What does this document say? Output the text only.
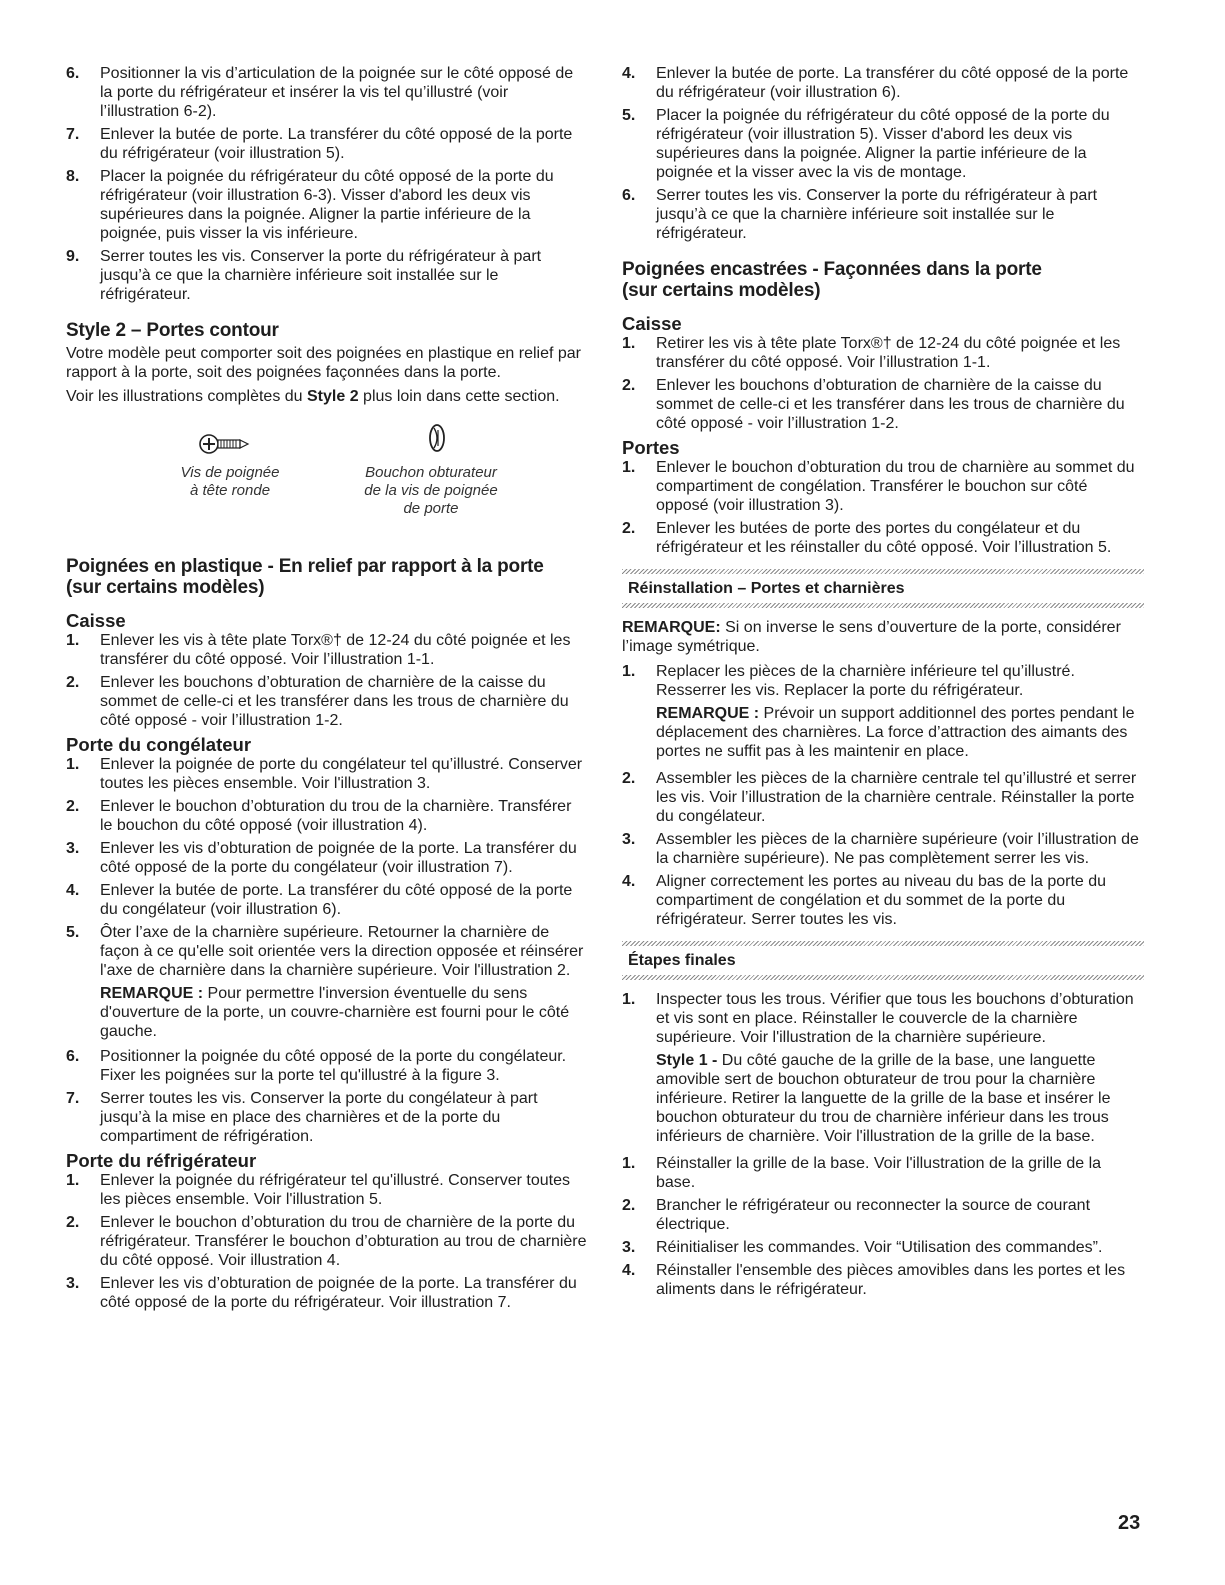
6. Positionner la vis d’articulation de la poignée sur le côté opposé de la porte du réfrigérateur et insérer la vis tel qu’illustré (voir l’illustration 6-2).
7. Enlever la butée de porte. La transférer du côté opposé de la porte du réfrigérateur (voir illustration 5).
8. Placer la poignée du réfrigérateur du côté opposé de la porte du réfrigérateur (voir illustration 6-3). Visser d'abord les deux vis supérieures dans la poignée. Aligner la partie inférieure de la poignée, puis visser la vis inférieure.
9. Serrer toutes les vis. Conserver la porte du réfrigérateur à part jusqu’à ce que la charnière inférieure soit installée sur le réfrigérateur.
Style 2 – Portes contour

Votre modèle peut comporter soit des poignées en plastique en relief par rapport à la porte, soit des poignées façonnées dans la porte.

Voir les illustrations complètes du Style 2 plus loin dans cette section.

Vis de poignée
à tête ronde
Bouchon obturateur
de la vis de poignée
de porte
Poignées en plastique - En relief par rapport à la porte
(sur certains modèles)
Caisse
1. Enlever les vis à tête plate Torx®† de 12-24 du côté poignée et les transférer du côté opposé. Voir l’illustration 1-1.
2. Enlever les bouchons d’obturation de charnière de la caisse du sommet de celle-ci et les transférer dans les trous de charnière du côté opposé - voir l’illustration 1-2.
Porte du congélateur
1. Enlever la poignée de porte du congélateur tel qu’illustré. Conserver toutes les pièces ensemble. Voir l'illustration 3.
2. Enlever le bouchon d’obturation du trou de la charnière. Transférer le bouchon du côté opposé (voir illustration 4).
3. Enlever les vis d’obturation de poignée de la porte. La transférer du côté opposé de la porte du congélateur (voir illustration 7).
4. Enlever la butée de porte. La transférer du côté opposé de la porte du congélateur (voir illustration 6).
5. Ôter l’axe de la charnière supérieure. Retourner la charnière de façon à ce qu'elle soit orientée vers la direction opposée et réinsérer l'axe de charnière dans la charnière supérieure. Voir l'illustration 2.

REMARQUE : Pour permettre l'inversion éventuelle du sens d'ouverture de la porte, un couvre-charnière est fourni pour le côté gauche.

6. Positionner la poignée du côté opposé de la porte du congélateur. Fixer les poignées sur la porte tel qu'illustré à la figure 3.
7. Serrer toutes les vis. Conserver la porte du congélateur à part jusqu’à la mise en place des charnières et de la porte du compartiment de réfrigération.
Porte du réfrigérateur
1. Enlever la poignée du réfrigérateur tel qu'illustré. Conserver toutes les pièces ensemble. Voir l'illustration 5.
2. Enlever le bouchon d’obturation du trou de charnière de la porte du réfrigérateur. Transférer le bouchon d’obturation au trou de charnière du côté opposé. Voir illustration 4.
3. Enlever les vis d’obturation de poignée de la porte. La transférer du côté opposé de la porte du réfrigérateur. Voir illustration 7.
4. Enlever la butée de porte. La transférer du côté opposé de la porte du réfrigérateur (voir illustration 6).
5. Placer la poignée du réfrigérateur du côté opposé de la porte du réfrigérateur (voir illustration 5). Visser d'abord les deux vis supérieures dans la poignée. Aligner la partie inférieure de la poignée et la visser avec la vis de montage.
6. Serrer toutes les vis. Conserver la porte du réfrigérateur à part jusqu’à ce que la charnière inférieure soit installée sur le réfrigérateur.
Poignées encastrées - Façonnées dans la porte
(sur certains modèles)
Caisse
1. Retirer les vis à tête plate Torx®† de 12-24 du côté poignée et les transférer du côté opposé. Voir l’illustration 1-1.
2. Enlever les bouchons d’obturation de charnière de la caisse du sommet de celle-ci et les transférer dans les trous de charnière du côté opposé - voir l’illustration 1-2.
Portes
1. Enlever le bouchon d’obturation du trou de charnière au sommet du compartiment de congélation. Transférer le bouchon sur côté opposé (voir illustration 3).
2. Enlever les butées de porte des portes du congélateur et du réfrigérateur et les réinstaller du côté opposé. Voir l’illustration 5.
Réinstallation – Portes et charnières

REMARQUE: Si on inverse le sens d’ouverture de la porte, considérer l’image symétrique.

1. Replacer les pièces de la charnière inférieure tel qu’illustré. Resserrer les vis. Replacer la porte du réfrigérateur.

REMARQUE : Prévoir un support additionnel des portes pendant le déplacement des charnières. La force d’attraction des aimants des portes ne suffit pas à les maintenir en place.

2. Assembler les pièces de la charnière centrale tel qu’illustré et serrer les vis. Voir l’illustration de la charnière centrale. Réinstaller la porte du congélateur.
3. Assembler les pièces de la charnière supérieure (voir l’illustration de la charnière supérieure). Ne pas complètement serrer les vis.
4. Aligner correctement les portes au niveau du bas de la porte du compartiment de congélation et du sommet de la porte du réfrigérateur. Serrer toutes les vis.
Étapes finales
1. Inspecter tous les trous. Vérifier que tous les bouchons d’obturation et vis sont en place. Réinstaller le couvercle de la charnière supérieure. Voir l'illustration de la charnière supérieure.

Style 1 - Du côté gauche de la grille de la base, une languette amovible sert de bouchon obturateur de trou pour la charnière inférieure. Retirer la languette de la grille de la base et insérer le bouchon obturateur du trou de charnière inférieur dans les trous inférieurs de charnière. Voir l'illustration de la grille de la base.

1. Réinstaller la grille de la base. Voir l'illustration de la grille de la base.
2. Brancher le réfrigérateur ou reconnecter la source de courant électrique.
3. Réinitialiser les commandes. Voir “Utilisation des commandes”.
4. Réinstaller l'ensemble des pièces amovibles dans les portes et les aliments dans le réfrigérateur.
23
